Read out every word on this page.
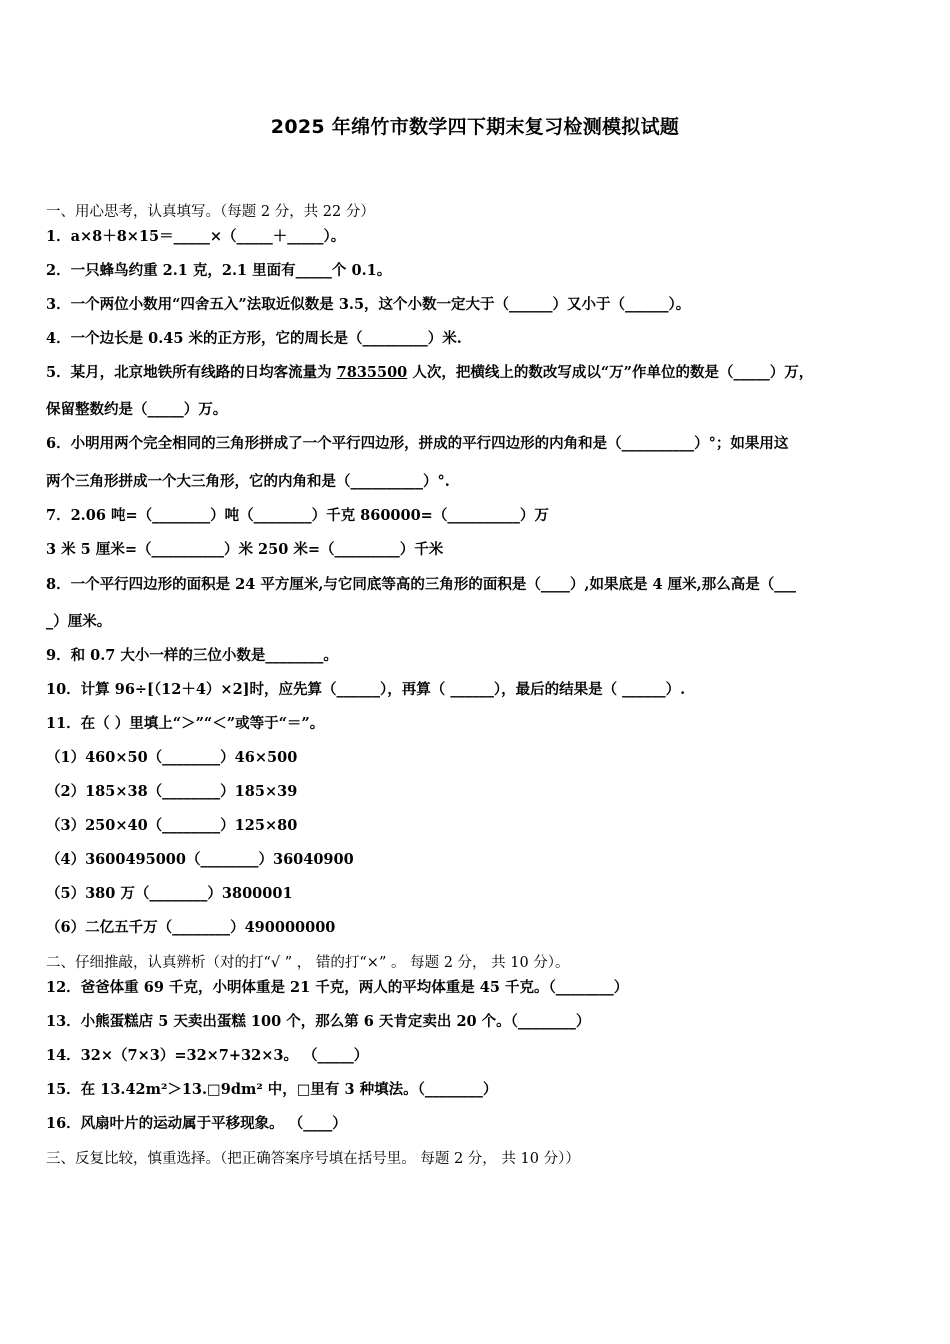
2025 年绵竹市数学四下期末复习检测模拟试题
一、用心思考，认真填写。（每题 2 分，共 22 分）
1．a×8＋8×15＝_____×（_____＋_____）。
2．一只蜂鸟约重 2.1 克，2.1 里面有_____个 0.1。
3．一个两位小数用“四舍五入”法取近似数是 3.5，这个小数一定大于（______）又小于（______）。
4．一个边长是 0.45 米的正方形，它的周长是（_________）米.
5．某月，北京地铁所有线路的日均客流量为 7835500 人次，把横线上的数改写成以“万”作单位的数是（_____）万，
保留整数约是（_____）万。
6．小明用两个完全相同的三角形拼成了一个平行四边形，拼成的平行四边形的内角和是（__________）°；如果用这
两个三角形拼成一个大三角形，它的内角和是（__________）°.
7．2.06 吨=（________）吨（________）千克 860000=（__________）万
3 米 5 厘米=（__________）米 250 米=（_________）千米
8．一个平行四边形的面积是 24 平方厘米,与它同底等高的三角形的面积是（____）,如果底是 4 厘米,那么高是（___
_）厘米。
9．和 0.7 大小一样的三位小数是________。
10．计算 96÷[（12＋4）×2]时，应先算（______），再算（ ______），最后的结果是（ ______）.
11．在（ ）里填上“＞”“＜”或等于“＝”。
（1）460×50（________）46×500
（2）185×38（________）185×39
（3）250×40（________）125×80
（4）3600495000（________）36040900
（5）380 万（________）3800001
（6）二亿五千万（________）490000000
二、仔细推敲，认真辨析（对的打“√ ” ， 错的打“×” 。 每题 2 分， 共 10 分）。
12．爸爸体重 69 千克，小明体重是 21 千克，两人的平均体重是 45 千克。（________）
13．小熊蛋糕店 5 天卖出蛋糕 100 个，那么第 6 天肯定卖出 20 个。（________）
14．32×（7×3）=32×7+32×3。 （_____）
15．在 13.42m²＞13.□9dm² 中，□里有 3 种填法。（________）
16．风扇叶片的运动属于平移现象。 （____）
三、反复比较，慎重选择。（把正确答案序号填在括号里。 每题 2 分， 共 10 分））
